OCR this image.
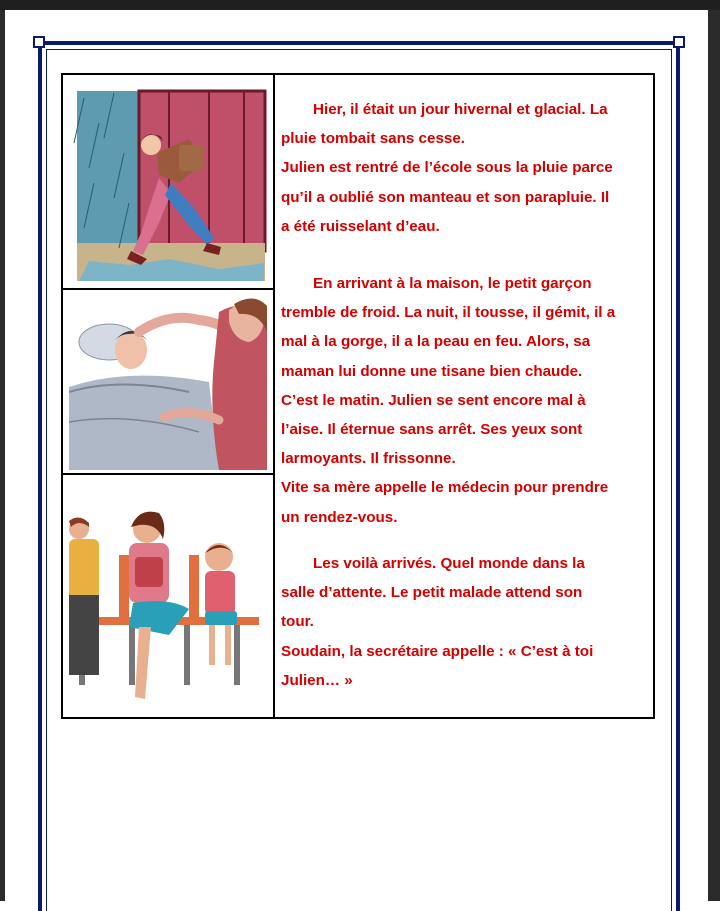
Hier, il était un jour hivernal et glacial. La
pluie tombait sans cesse.
Julien est rentré de l’école sous la pluie parce
qu’il a oublié son manteau et son parapluie. Il
a été ruisselant d’eau.
En arrivant à la maison, le petit garçon
tremble de froid. La nuit, il tousse, il gémit, il a
mal à la gorge, il a la peau en feu. Alors, sa
maman lui donne une tisane bien chaude.
C’est le matin. Julien se sent encore mal à
l’aise. Il éternue sans arrêt. Ses yeux sont
larmoyants. Il frissonne.
Vite sa mère appelle le médecin pour prendre
un rendez-vous.
Les voilà arrivés. Quel monde dans la
salle d’attente. Le petit malade attend son
tour.
Soudain, la secrétaire appelle : « C’est à toi
Julien… »
